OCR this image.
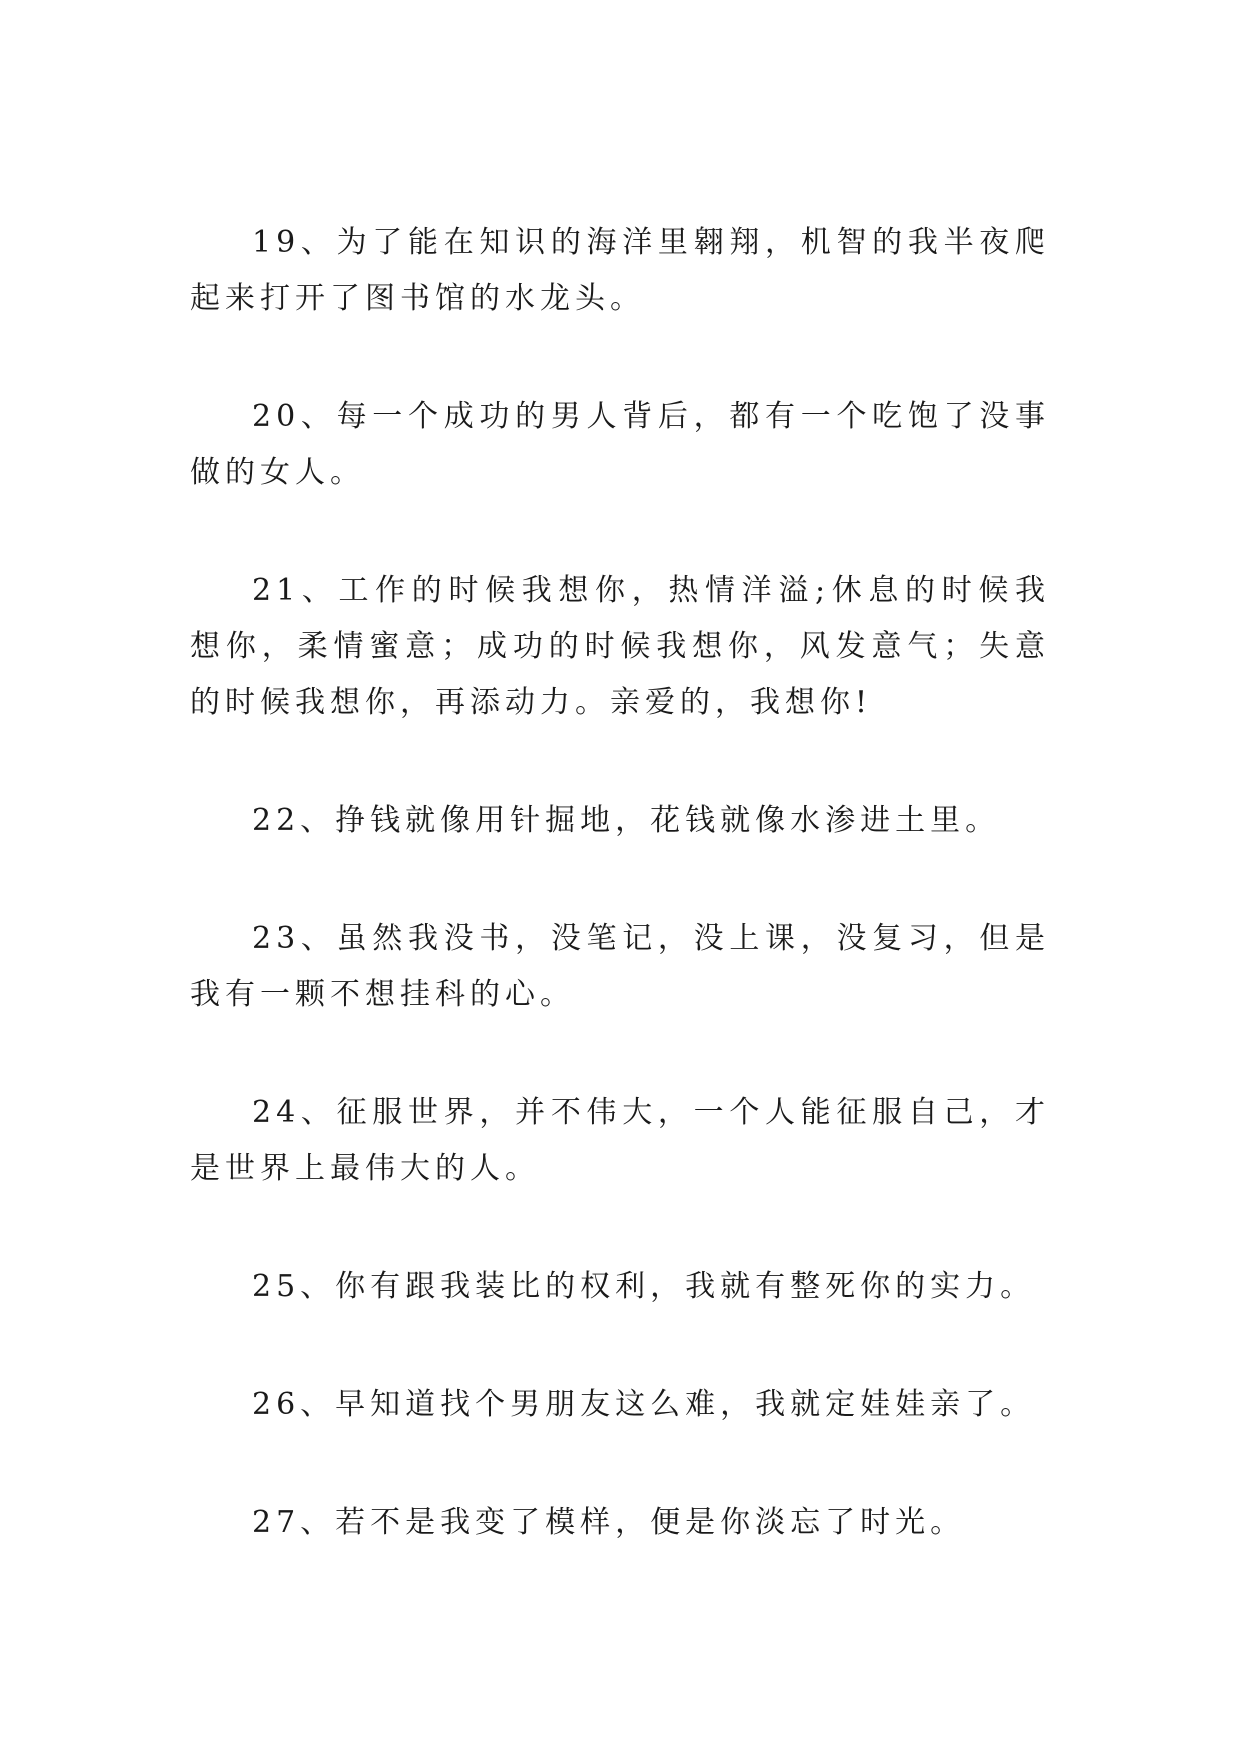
19、为了能在知识的海洋里翱翔，机智的我半夜爬起来打开了图书馆的水龙头。

20、每一个成功的男人背后，都有一个吃饱了没事做的女人。

21、工作的时候我想你，热情洋溢;休息的时候我想你，柔情蜜意；成功的时候我想你，风发意气；失意的时候我想你，再添动力。亲爱的，我想你!

22、挣钱就像用针掘地，花钱就像水渗进土里。

23、虽然我没书，没笔记，没上课，没复习，但是我有一颗不想挂科的心。

24、征服世界，并不伟大，一个人能征服自己，才是世界上最伟大的人。

25、你有跟我装比的权利，我就有整死你的实力。

26、早知道找个男朋友这么难，我就定娃娃亲了。

27、若不是我变了模样，便是你淡忘了时光。
